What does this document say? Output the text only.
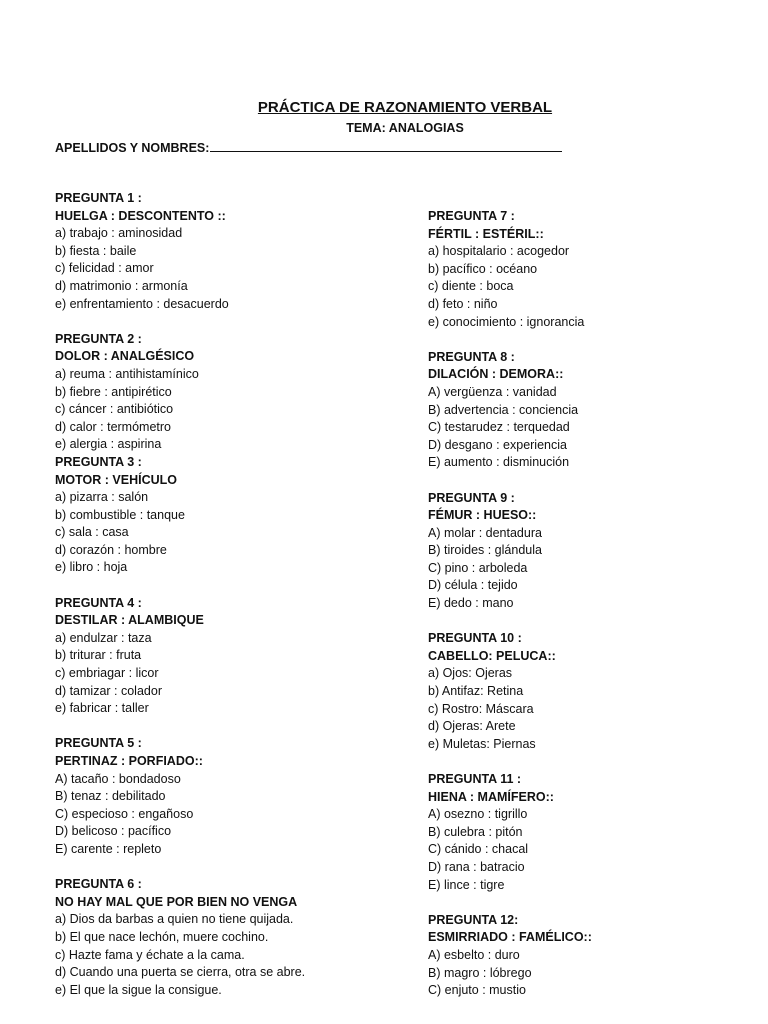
PRÁCTICA DE RAZONAMIENTO VERBAL
TEMA: ANALOGIAS
APELLIDOS Y NOMBRES:
PREGUNTA 1 :
HUELGA : DESCONTENTO ::
a) trabajo : aminosidad
b) fiesta : baile
c) felicidad : amor
d) matrimonio : armonía
e) enfrentamiento : desacuerdo
PREGUNTA 2 :
DOLOR : ANALGÉSICO
a) reuma : antihistamínico
b) fiebre : antipirético
c) cáncer : antibiótico
d) calor : termómetro
e) alergia : aspirina
PREGUNTA 3 :
MOTOR : VEHÍCULO
a) pizarra : salón
b) combustible : tanque
c) sala : casa
d) corazón : hombre
e) libro : hoja
PREGUNTA 4 :
DESTILAR : ALAMBIQUE
a) endulzar : taza
b) triturar : fruta
c) embriagar : licor
d) tamizar : colador
e) fabricar : taller
PREGUNTA 5 :
PERTINAZ : PORFIADO::
A) tacaño : bondadoso
B) tenaz : debilitado
C) especioso : engañoso
D) belicoso : pacífico
E) carente : repleto
PREGUNTA 6 :
NO HAY MAL QUE POR BIEN NO VENGA
a) Dios da barbas a quien no tiene quijada.
b) El que nace lechón, muere cochino.
c) Hazte fama y échate a la cama.
d) Cuando una puerta se cierra, otra se abre.
e) El que la sigue la consigue.
PREGUNTA 7 :
FÉRTIL : ESTÉRIL::
a) hospitalario : acogedor
b) pacífico : océano
c) diente : boca
d) feto : niño
e) conocimiento : ignorancia
PREGUNTA 8 :
DILACIÓN : DEMORA::
A) vergüenza : vanidad
B) advertencia : conciencia
C) testarudez : terquedad
D) desgano : experiencia
E) aumento : disminución
PREGUNTA 9 :
FÉMUR : HUESO::
A) molar : dentadura
B) tiroides : glándula
C) pino : arboleda
D) célula : tejido
E) dedo : mano
PREGUNTA 10 :
CABELLO: PELUCA::
a) Ojos: Ojeras
b) Antifaz: Retina
c) Rostro: Máscara
d) Ojeras: Arete
e) Muletas: Piernas
PREGUNTA 11 :
HIENA : MAMÍFERO::
A) osezno : tigrillo
B) culebra : pitón
C) cánido : chacal
D) rana : batracio
E) lince : tigre
PREGUNTA 12:
ESMIRRIADO : FAMÉLICO::
A) esbelto : duro
B) magro : lóbrego
C) enjuto : mustio
